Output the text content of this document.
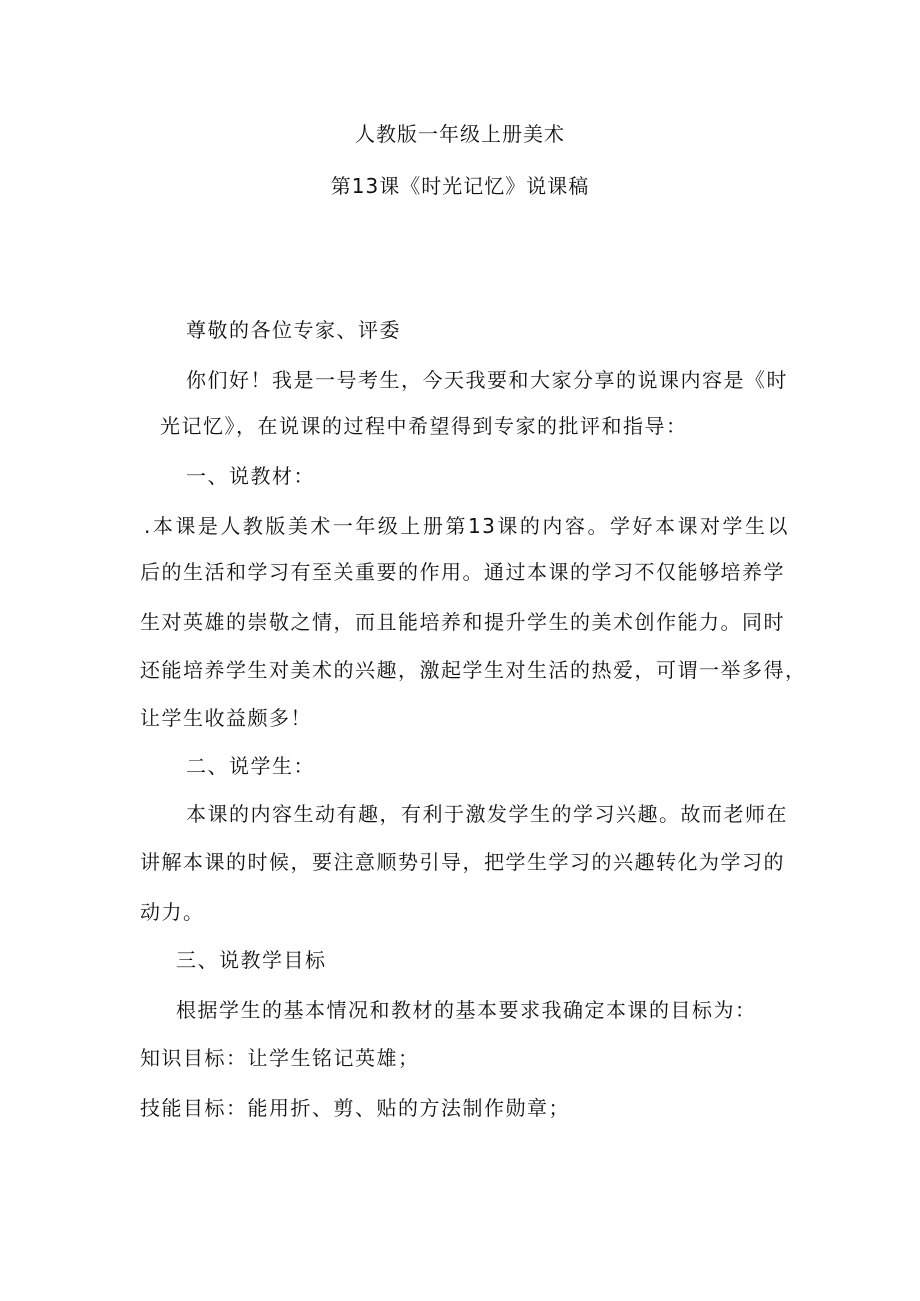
人教版一年级上册美术
第13课《时光记忆》说课稿
尊敬的各位专家、评委
你们好！我是一号考生，今天我要和大家分享的说课内容是《时
光记忆》，在说课的过程中希望得到专家的批评和指导：
一、说教材：
.本课是人教版美术一年级上册第13课的内容。学好本课对学生以
后的生活和学习有至关重要的作用。通过本课的学习不仅能够培养学
生对英雄的崇敬之情，而且能培养和提升学生的美术创作能力。同时
还能培养学生对美术的兴趣，激起学生对生活的热爱，可谓一举多得，
让学生收益颇多！
二、说学生：
本课的内容生动有趣，有利于激发学生的学习兴趣。故而老师在
讲解本课的时候，要注意顺势引导，把学生学习的兴趣转化为学习的
动力。
三、说教学目标
根据学生的基本情况和教材的基本要求我确定本课的目标为：
知识目标：让学生铭记英雄；
技能目标：能用折、剪、贴的方法制作勋章；
